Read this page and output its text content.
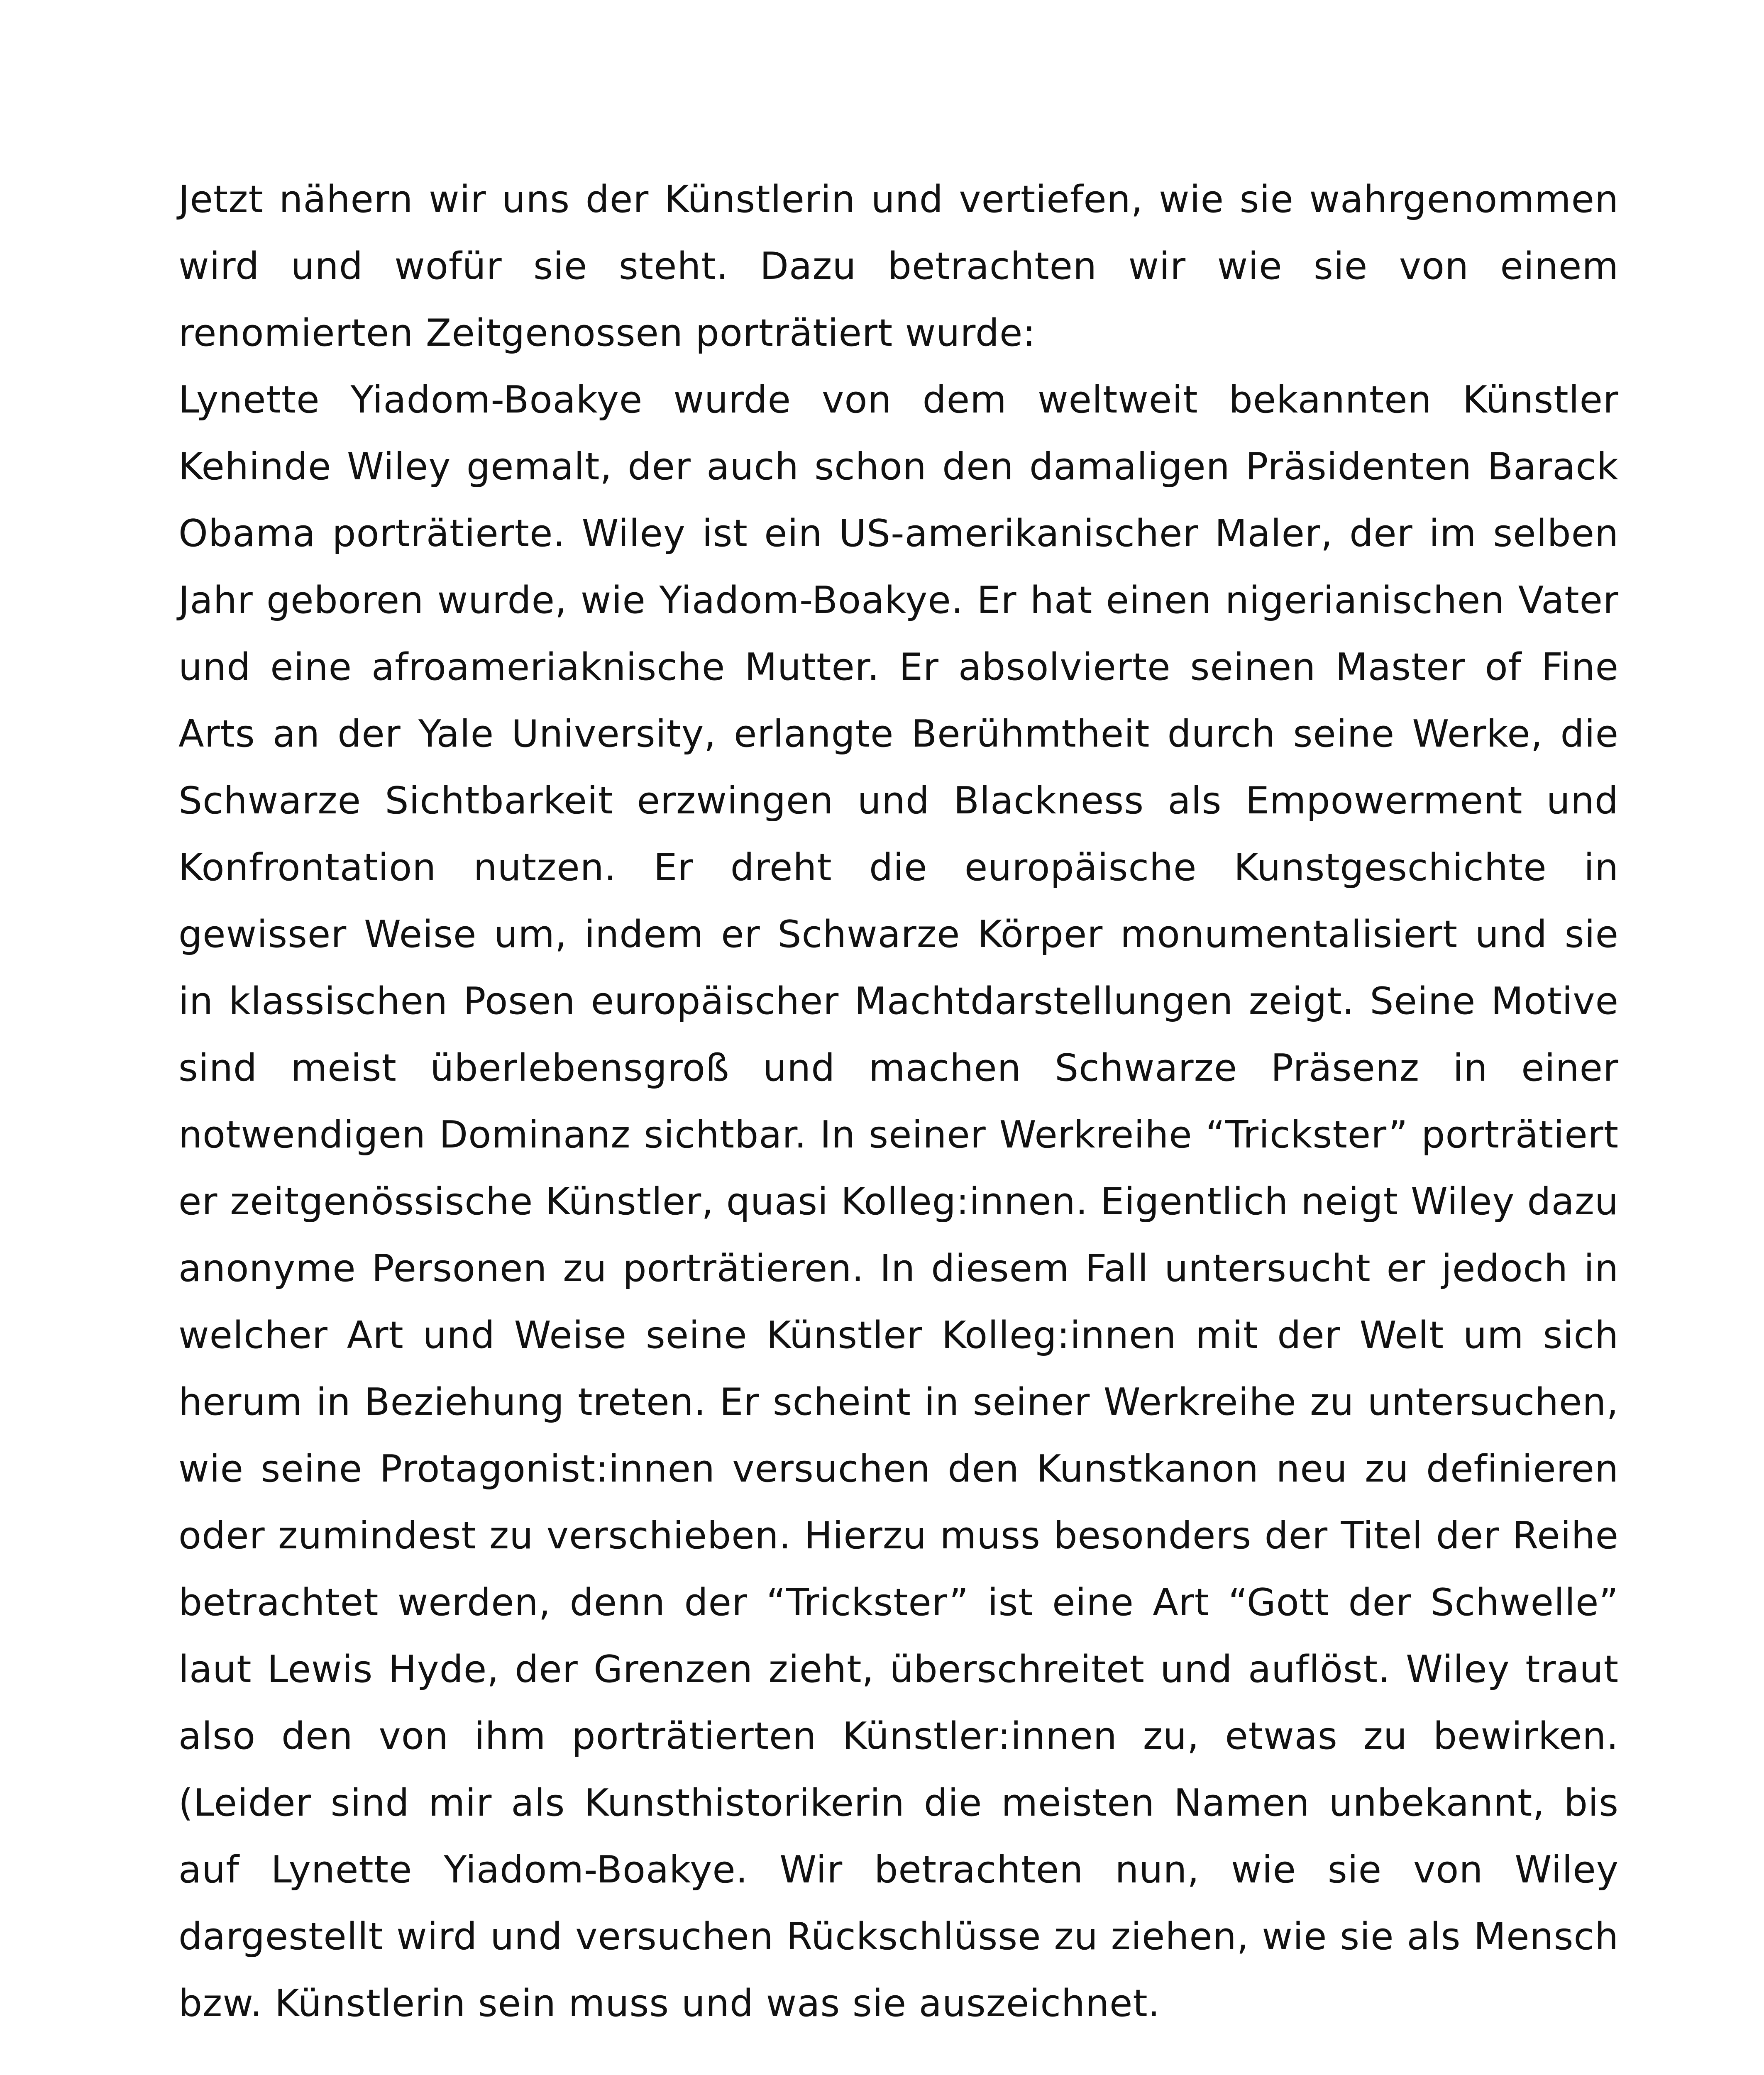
Jetzt nähern wir uns der Künstlerin und vertiefen, wie sie wahrgenommen wird und wofür sie steht. Dazu betrachten wir wie sie von einem renomierten Zeitgenossen porträtiert wurde:

Lynette Yiadom-Boakye wurde von dem weltweit bekannten Künstler Kehinde Wiley gemalt, der auch schon den damaligen Präsidenten Barack Obama porträtierte. Wiley ist ein US-amerikanischer Maler, der im selben Jahr geboren wurde, wie Yiadom-Boakye. Er hat einen nigerianischen Vater und eine afroameriaknische Mutter. Er absolvierte seinen Master of Fine Arts an der Yale University, erlangte Berühmtheit durch seine Werke, die Schwarze Sichtbarkeit erzwingen und Blackness als Empowerment und Konfrontation nutzen. Er dreht die europäische Kunstgeschichte in gewisser Weise um, indem er Schwarze Körper monumentalisiert und sie in klassischen Posen europäischer Machtdarstellungen zeigt. Seine Motive sind meist überlebensgroß und machen Schwarze Präsenz in einer notwendigen Dominanz sichtbar. In seiner Werkreihe “Trickster” porträtiert er zeitgenössische Künstler, quasi Kolleg:innen. Eigentlich neigt Wiley dazu anonyme Personen zu porträtieren. In diesem Fall untersucht er jedoch in welcher Art und Weise seine Künstler Kolleg:innen mit der Welt um sich herum in Beziehung treten. Er scheint in seiner Werkreihe zu untersuchen, wie seine Protagonist:innen versuchen den Kunstkanon neu zu definieren oder zumindest zu verschieben. Hierzu muss besonders der Titel der Reihe betrachtet werden, denn der “Trickster” ist eine Art “Gott der Schwelle” laut Lewis Hyde, der Grenzen zieht, überschreitet und auflöst. Wiley traut also den von ihm porträtierten Künstler:innen zu, etwas zu bewirken. (Leider sind mir als Kunsthistorikerin die meisten Namen unbekannt, bis auf Lynette Yiadom-Boakye. Wir betrachten nun, wie sie von Wiley dargestellt wird und versuchen Rückschlüsse zu ziehen, wie sie als Mensch bzw. Künstlerin sein muss und was sie auszeichnet.
